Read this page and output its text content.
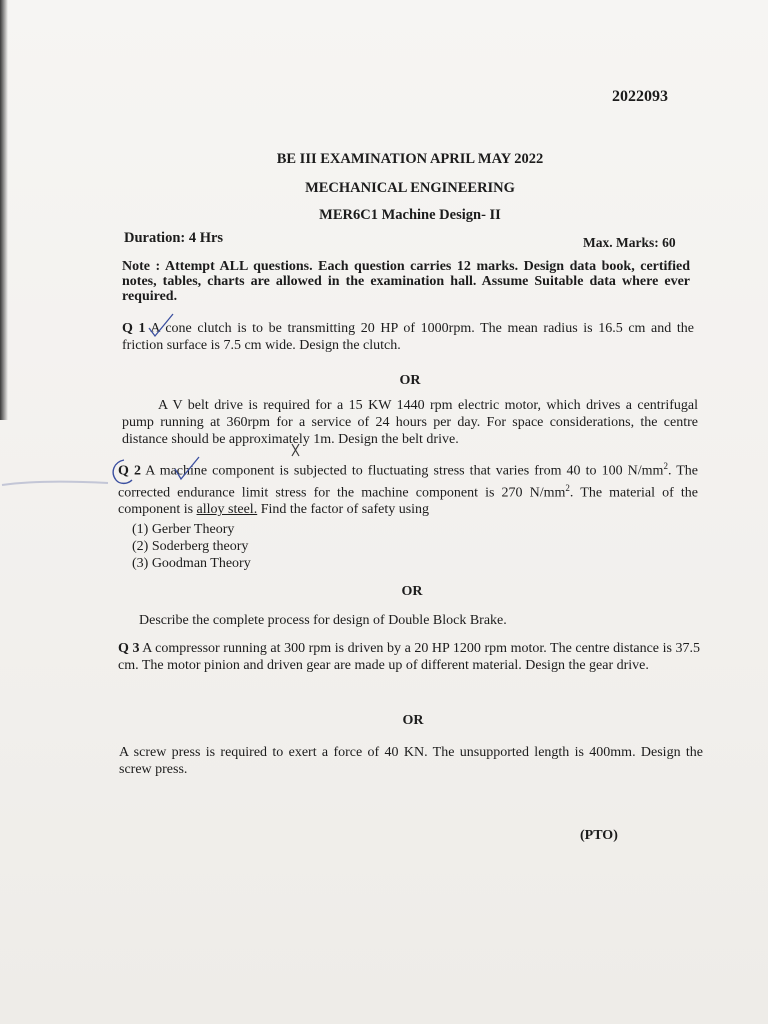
2022093
BE III EXAMINATION APRIL MAY 2022
MECHANICAL ENGINEERING
MER6C1 Machine Design- II
Duration: 4 Hrs	Max. Marks: 60
Note : Attempt ALL questions. Each question carries 12 marks. Design data book, certified notes, tables, charts are allowed in the examination hall. Assume Suitable data where ever required.
Q 1 A cone clutch is to be transmitting 20 HP of 1000rpm. The mean radius is 16.5 cm and the friction surface is 7.5 cm wide. Design the clutch.
OR
A V belt drive is required for a 15 KW 1440 rpm electric motor, which drives a centrifugal pump running at 360rpm for a service of 24 hours per day. For space considerations, the centre distance should be approximately 1m. Design the belt drive.
Q 2 A machine component is subjected to fluctuating stress that varies from 40 to 100 $N/mm^2$. The corrected endurance limit stress for the machine component is 270 $N/mm^2$. The material of the component is alloy steel. Find the factor of safety using
(1) Gerber Theory
(2) Soderberg theory
(3) Goodman Theory
OR
Describe the complete process for design of Double Block Brake.
Q 3 A compressor running at 300 rpm is driven by a 20 HP 1200 rpm motor. The centre distance is 37.5 cm. The motor pinion and driven gear are made up of different material. Design the gear drive.
OR
A screw press is required to exert a force of 40 KN. The unsupported length is 400mm. Design the screw press.
(PTO)
